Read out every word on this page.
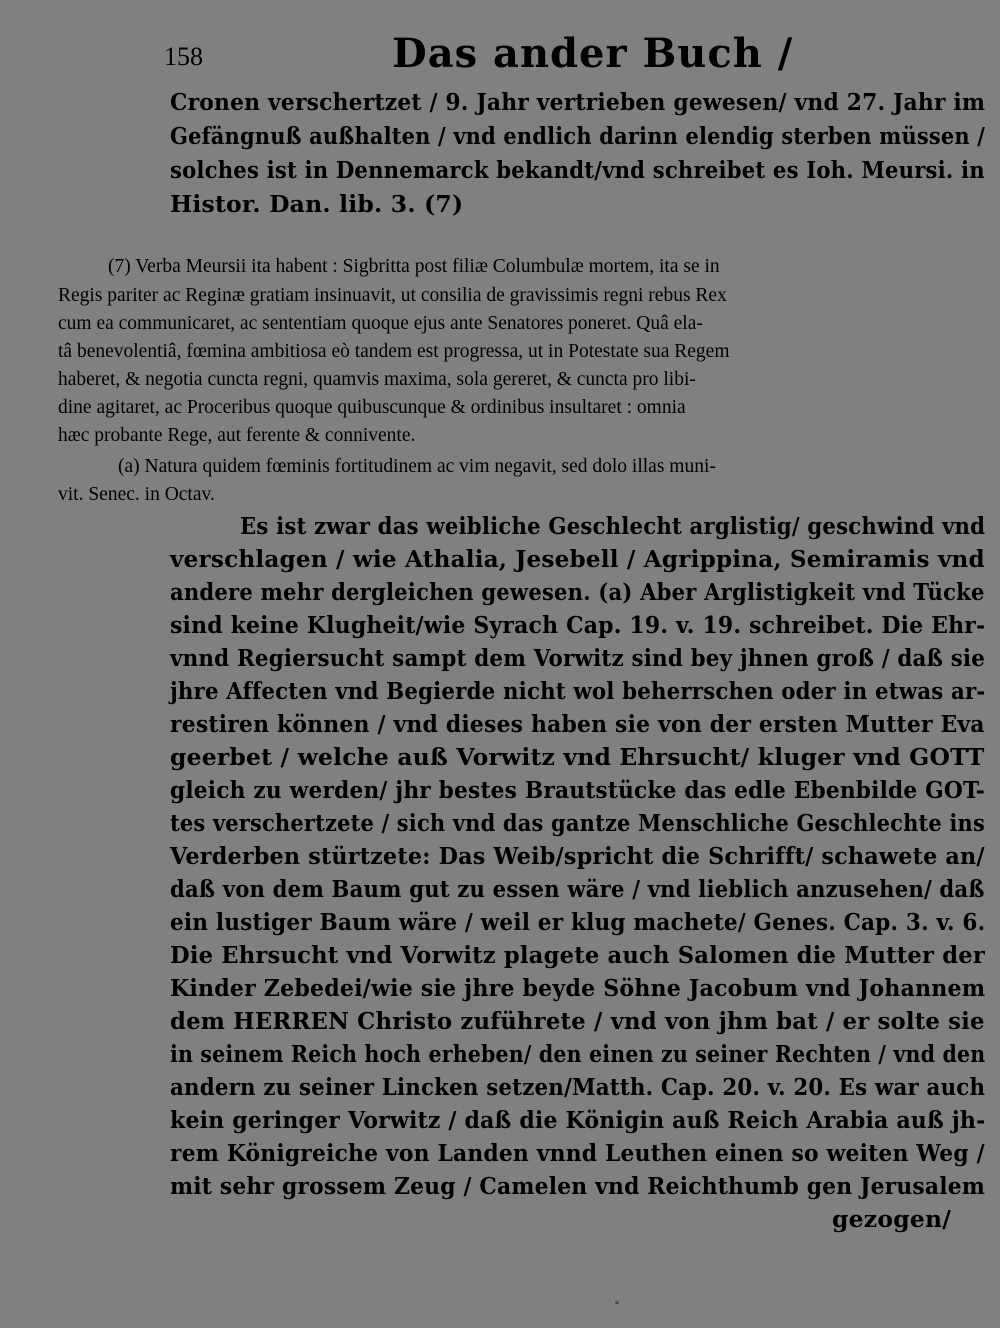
158	Das ander Buch /

Cronen verschertzet / 9. Jahr vertrieben gewesen/ vnd 27. Jahr im

Gefängnuß außhalten / vnd endlich darinn elendig sterben müssen /

solches ist in Dennemarck bekandt/vnd schreibet es Ioh. Meursi. in

Histor. Dan. lib. 3. (7)

(7) Verba Meursii ita habent : Sigbritta post filiæ Columbulæ mortem, ita se in

Regis pariter ac Reginæ gratiam insinuavit, ut consilia de gravissimis regni rebus Rex

cum ea communicaret, ac sententiam quoque ejus ante Senatores poneret. Quâ ela-

tâ benevolentiâ, fœmina ambitiosa eò tandem est progressa, ut in Potestate sua Regem

haberet, & negotia cuncta regni, quamvis maxima, sola gereret, & cuncta pro libi-

dine agitaret, ac Proceribus quoque quibuscunque & ordinibus insultaret : omnia

hæc probante Rege, aut ferente & connivente.

(a) Natura quidem fœminis fortitudinem ac vim negavit, sed dolo illas muni-

vit. Senec. in Octav.

Es ist zwar das weibliche Geschlecht arglistig/ geschwind vnd

verschlagen / wie Athalia, Jesebell / Agrippina, Semiramis vnd

andere mehr dergleichen gewesen. (a) Aber Arglistigkeit vnd Tücke

sind keine Klugheit/wie Syrach Cap. 19. v. 19. schreibet. Die Ehr-

vnnd Regiersucht sampt dem Vorwitz sind bey jhnen groß / daß sie

jhre Affecten vnd Begierde nicht wol beherrschen oder in etwas ar-

restiren können / vnd dieses haben sie von der ersten Mutter Eva

geerbet / welche auß Vorwitz vnd Ehrsucht/ kluger vnd GOTT

gleich zu werden/ jhr bestes Brautstücke das edle Ebenbilde GOT-

tes verschertzete / sich vnd das gantze Menschliche Geschlechte ins

Verderben stürtzete: Das Weib/spricht die Schrifft/ schawete an/

daß von dem Baum gut zu essen wäre / vnd lieblich anzusehen/ daß

ein lustiger Baum wäre / weil er klug machete/ Genes. Cap. 3. v. 6.

Die Ehrsucht vnd Vorwitz plagete auch Salomen die Mutter der

Kinder Zebedei/wie sie jhre beyde Söhne Jacobum vnd Johannem

dem HERREN Christo zuführete / vnd von jhm bat / er solte sie

in seinem Reich hoch erheben/ den einen zu seiner Rechten / vnd den

andern zu seiner Lincken setzen/Matth. Cap. 20. v. 20. Es war auch

kein geringer Vorwitz / daß die Königin auß Reich Arabia auß jh-

rem Königreiche von Landen vnnd Leuthen einen so weiten Weg /

mit sehr grossem Zeug / Camelen vnd Reichthumb gen Jerusalem

gezogen/

°
